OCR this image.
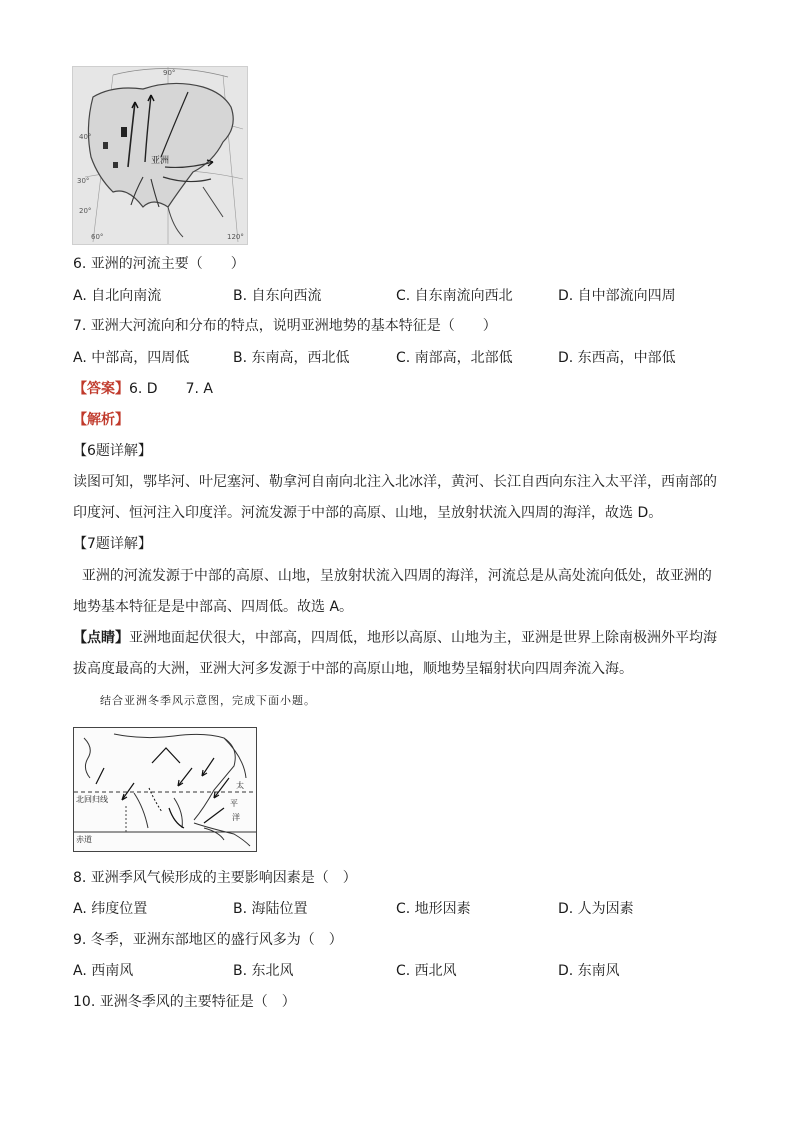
亚洲
40°
30°
20°
60°
90°
120°
6. 亚洲的河流主要（　　）
A. 自北向南流	B. 自东向西流	C. 自东南流向西北	D. 自中部流向四周
7. 亚洲大河流向和分布的特点，说明亚洲地势的基本特征是（　　）
A. 中部高，四周低	B. 东南高，西北低	C. 南部高，北部低	D. 东西高，中部低
【答案】6. D　　7. A
【解析】
【6题详解】
读图可知，鄂毕河、叶尼塞河、勒拿河自南向北注入北冰洋，黄河、长江自西向东注入太平洋，西南部的
印度河、恒河注入印度洋。河流发源于中部的高原、山地，呈放射状流入四周的海洋，故选 D。
【7题详解】
亚洲的河流发源于中部的高原、山地，呈放射状流入四周的海洋，河流总是从高处流向低处，故亚洲的
地势基本特征是是中部高、四周低。故选 A。
【点睛】亚洲地面起伏很大，中部高，四周低，地形以高原、山地为主，亚洲是世界上除南极洲外平均海
拔高度最高的大洲，亚洲大河多发源于中部的高原山地，顺地势呈辐射状向四周奔流入海。
结合亚洲冬季风示意图，完成下面小题。
北回归线
赤道
太
平
洋
8. 亚洲季风气候形成的主要影响因素是（　）
A. 纬度位置	B. 海陆位置	C. 地形因素	D. 人为因素
9. 冬季，亚洲东部地区的盛行风多为（　）
A. 西南风	B. 东北风	C. 西北风	D. 东南风
10. 亚洲冬季风的主要特征是（　）
